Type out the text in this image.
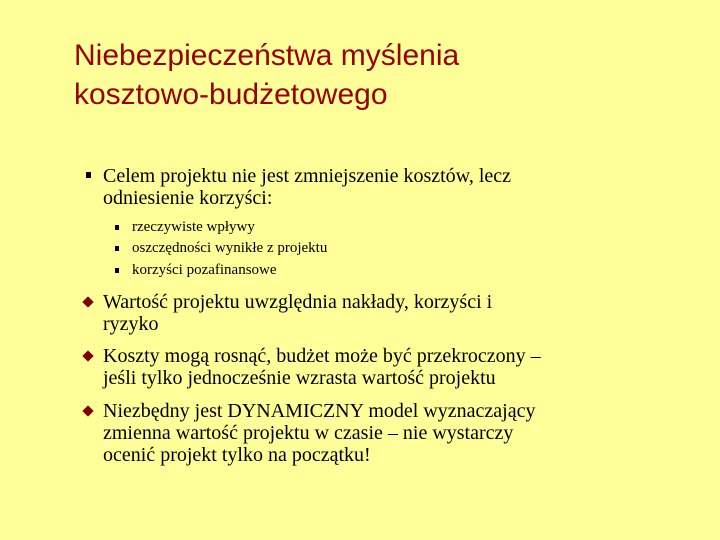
Niebezpieczeństwa myślenia
kosztowo-budżetowego
Celem projektu nie jest zmniejszenie kosztów, lecz
odniesienie korzyści:
rzeczywiste wpływy
oszczędności wynikłe z projektu
korzyści pozafinansowe
Wartość projektu uwzględnia nakłady, korzyści i
ryzyko
Koszty mogą rosnąć, budżet może być przekroczony –
jeśli tylko jednocześnie wzrasta wartość projektu
Niezbędny jest DYNAMICZNY model wyznaczający
zmienna wartość projektu w czasie – nie wystarczy
ocenić projekt tylko na początku!
